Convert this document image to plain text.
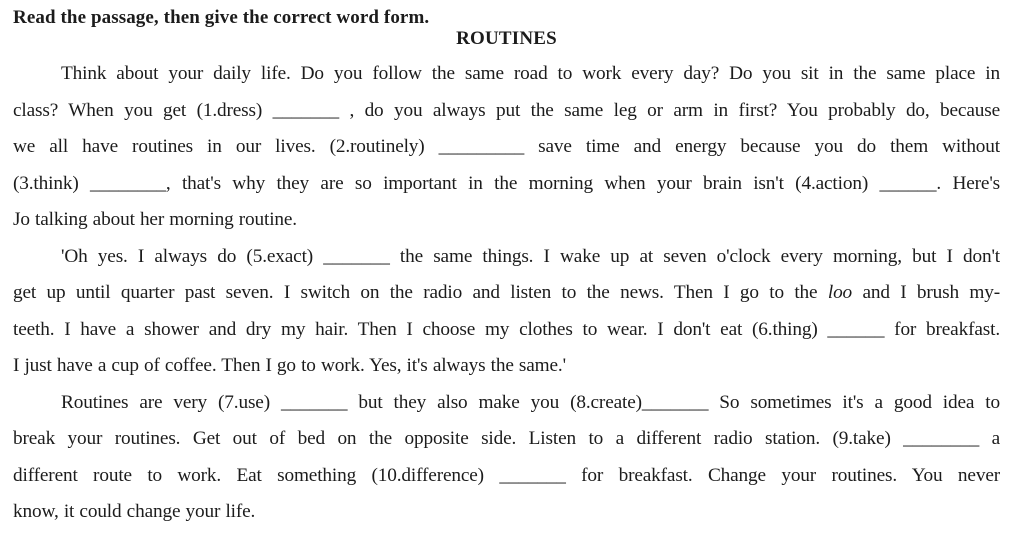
Read the passage, then give the correct word form.

ROUTINES
Think about your daily life. Do you follow the same road to work every day? Do you sit in the same place in
class? When you get (1.dress) _______ , do you always put the same leg or arm in first? You probably do, because
we all have routines in our lives. (2.routinely) _________ save time and energy because you do them without
(3.think) ________, that's why they are so important in the morning when your brain isn't (4.action) ______. Here's
Jo talking about her morning routine.
'Oh yes. I always do (5.exact) _______ the same things. I wake up at seven o'clock every morning, but I don't
get up until quarter past seven. I switch on the radio and listen to the news. Then I go to the loo and I brush my-
teeth. I have a shower and dry my hair. Then I choose my clothes to wear. I don't eat (6.thing) ______ for breakfast.
I just have a cup of coffee. Then I go to work. Yes, it's always the same.'
Routines are very (7.use) _______ but they also make you (8.create)_______ So sometimes it's a good idea to
break your routines. Get out of bed on the opposite side. Listen to a different radio station. (9.take) ________ a
different route to work. Eat something (10.difference) _______ for breakfast. Change your routines. You never
know, it could change your life.
